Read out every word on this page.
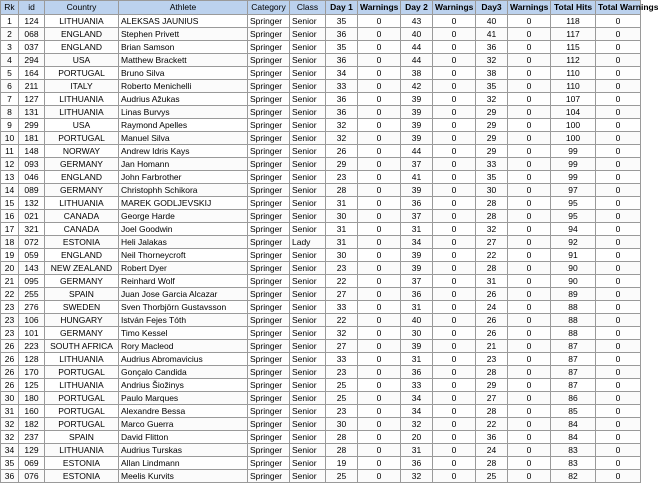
Rk	id	Country	Athlete	Category	Class	Day 1	Warnings	Day 2	Warnings	Day3	Warnings	Total Hits	Total Warnings
1	124	LITHUANIA	ALEKSAS JAUNIUS	Springer	Senior	35	0	43	0	40	0	118	0
2	068	ENGLAND	Stephen Privett	Springer	Senior	36	0	40	0	41	0	117	0
3	037	ENGLAND	Brian Samson	Springer	Senior	35	0	44	0	36	0	115	0
4	294	USA	Matthew Brackett	Springer	Senior	36	0	44	0	32	0	112	0
5	164	PORTUGAL	Bruno Silva	Springer	Senior	34	0	38	0	38	0	110	0
6	211	ITALY	Roberto Menichelli	Springer	Senior	33	0	42	0	35	0	110	0
7	127	LITHUANIA	Audrius Ažukas	Springer	Senior	36	0	39	0	32	0	107	0
8	131	LITHUANIA	Linas Burvys	Springer	Senior	36	0	39	0	29	0	104	0
9	299	USA	Raymond Apelles	Springer	Senior	32	0	39	0	29	0	100	0
10	181	PORTUGAL	Manuel Silva	Springer	Senior	32	0	39	0	29	0	100	0
11	148	NORWAY	Andrew Idris Kays	Springer	Senior	26	0	44	0	29	0	99	0
12	093	GERMANY	Jan Homann	Springer	Senior	29	0	37	0	33	0	99	0
13	046	ENGLAND	John Farbrother	Springer	Senior	23	0	41	0	35	0	99	0
14	089	GERMANY	Christophh Schikora	Springer	Senior	28	0	39	0	30	0	97	0
15	132	LITHUANIA	MAREK GODLJEVSKIJ	Springer	Senior	31	0	36	0	28	0	95	0
16	021	CANADA	George Harde	Springer	Senior	30	0	37	0	28	0	95	0
17	321	CANADA	Joel Goodwin	Springer	Senior	31	0	31	0	32	0	94	0
18	072	ESTONIA	Heli Jalakas	Springer	Lady	31	0	34	0	27	0	92	0
19	059	ENGLAND	Neil Thorneycroft	Springer	Senior	30	0	39	0	22	0	91	0
20	143	NEW ZEALAND	Robert Dyer	Springer	Senior	23	0	39	0	28	0	90	0
21	095	GERMANY	Reinhard Wolf	Springer	Senior	22	0	37	0	31	0	90	0
22	255	SPAIN	Juan Jose Garcia Alcazar	Springer	Senior	27	0	36	0	26	0	89	0
23	276	SWEDEN	Sven Thorbjörn Gustavsson	Springer	Senior	33	0	31	0	24	0	88	0
23	106	HUNGARY	István Fejes Tóth	Springer	Senior	22	0	40	0	26	0	88	0
23	101	GERMANY	Timo Kessel	Springer	Senior	32	0	30	0	26	0	88	0
26	223	SOUTH AFRICA	Rory Macleod	Springer	Senior	27	0	39	0	21	0	87	0
26	128	LITHUANIA	Audrius Abromavicius	Springer	Senior	33	0	31	0	23	0	87	0
26	170	PORTUGAL	Gonçalo Candida	Springer	Senior	23	0	36	0	28	0	87	0
26	125	LITHUANIA	Andrius Šiožinys	Springer	Senior	25	0	33	0	29	0	87	0
30	180	PORTUGAL	Paulo Marques	Springer	Senior	25	0	34	0	27	0	86	0
31	160	PORTUGAL	Alexandre Bessa	Springer	Senior	23	0	34	0	28	0	85	0
32	182	PORTUGAL	Marco Guerra	Springer	Senior	30	0	32	0	22	0	84	0
32	237	SPAIN	David Flitton	Springer	Senior	28	0	20	0	36	0	84	0
34	129	LITHUANIA	Audrius Turskas	Springer	Senior	28	0	31	0	24	0	83	0
35	069	ESTONIA	Allan Lindmann	Springer	Senior	19	0	36	0	28	0	83	0
36	076	ESTONIA	Meelis Kurvits	Springer	Senior	25	0	32	0	25	0	82	0
